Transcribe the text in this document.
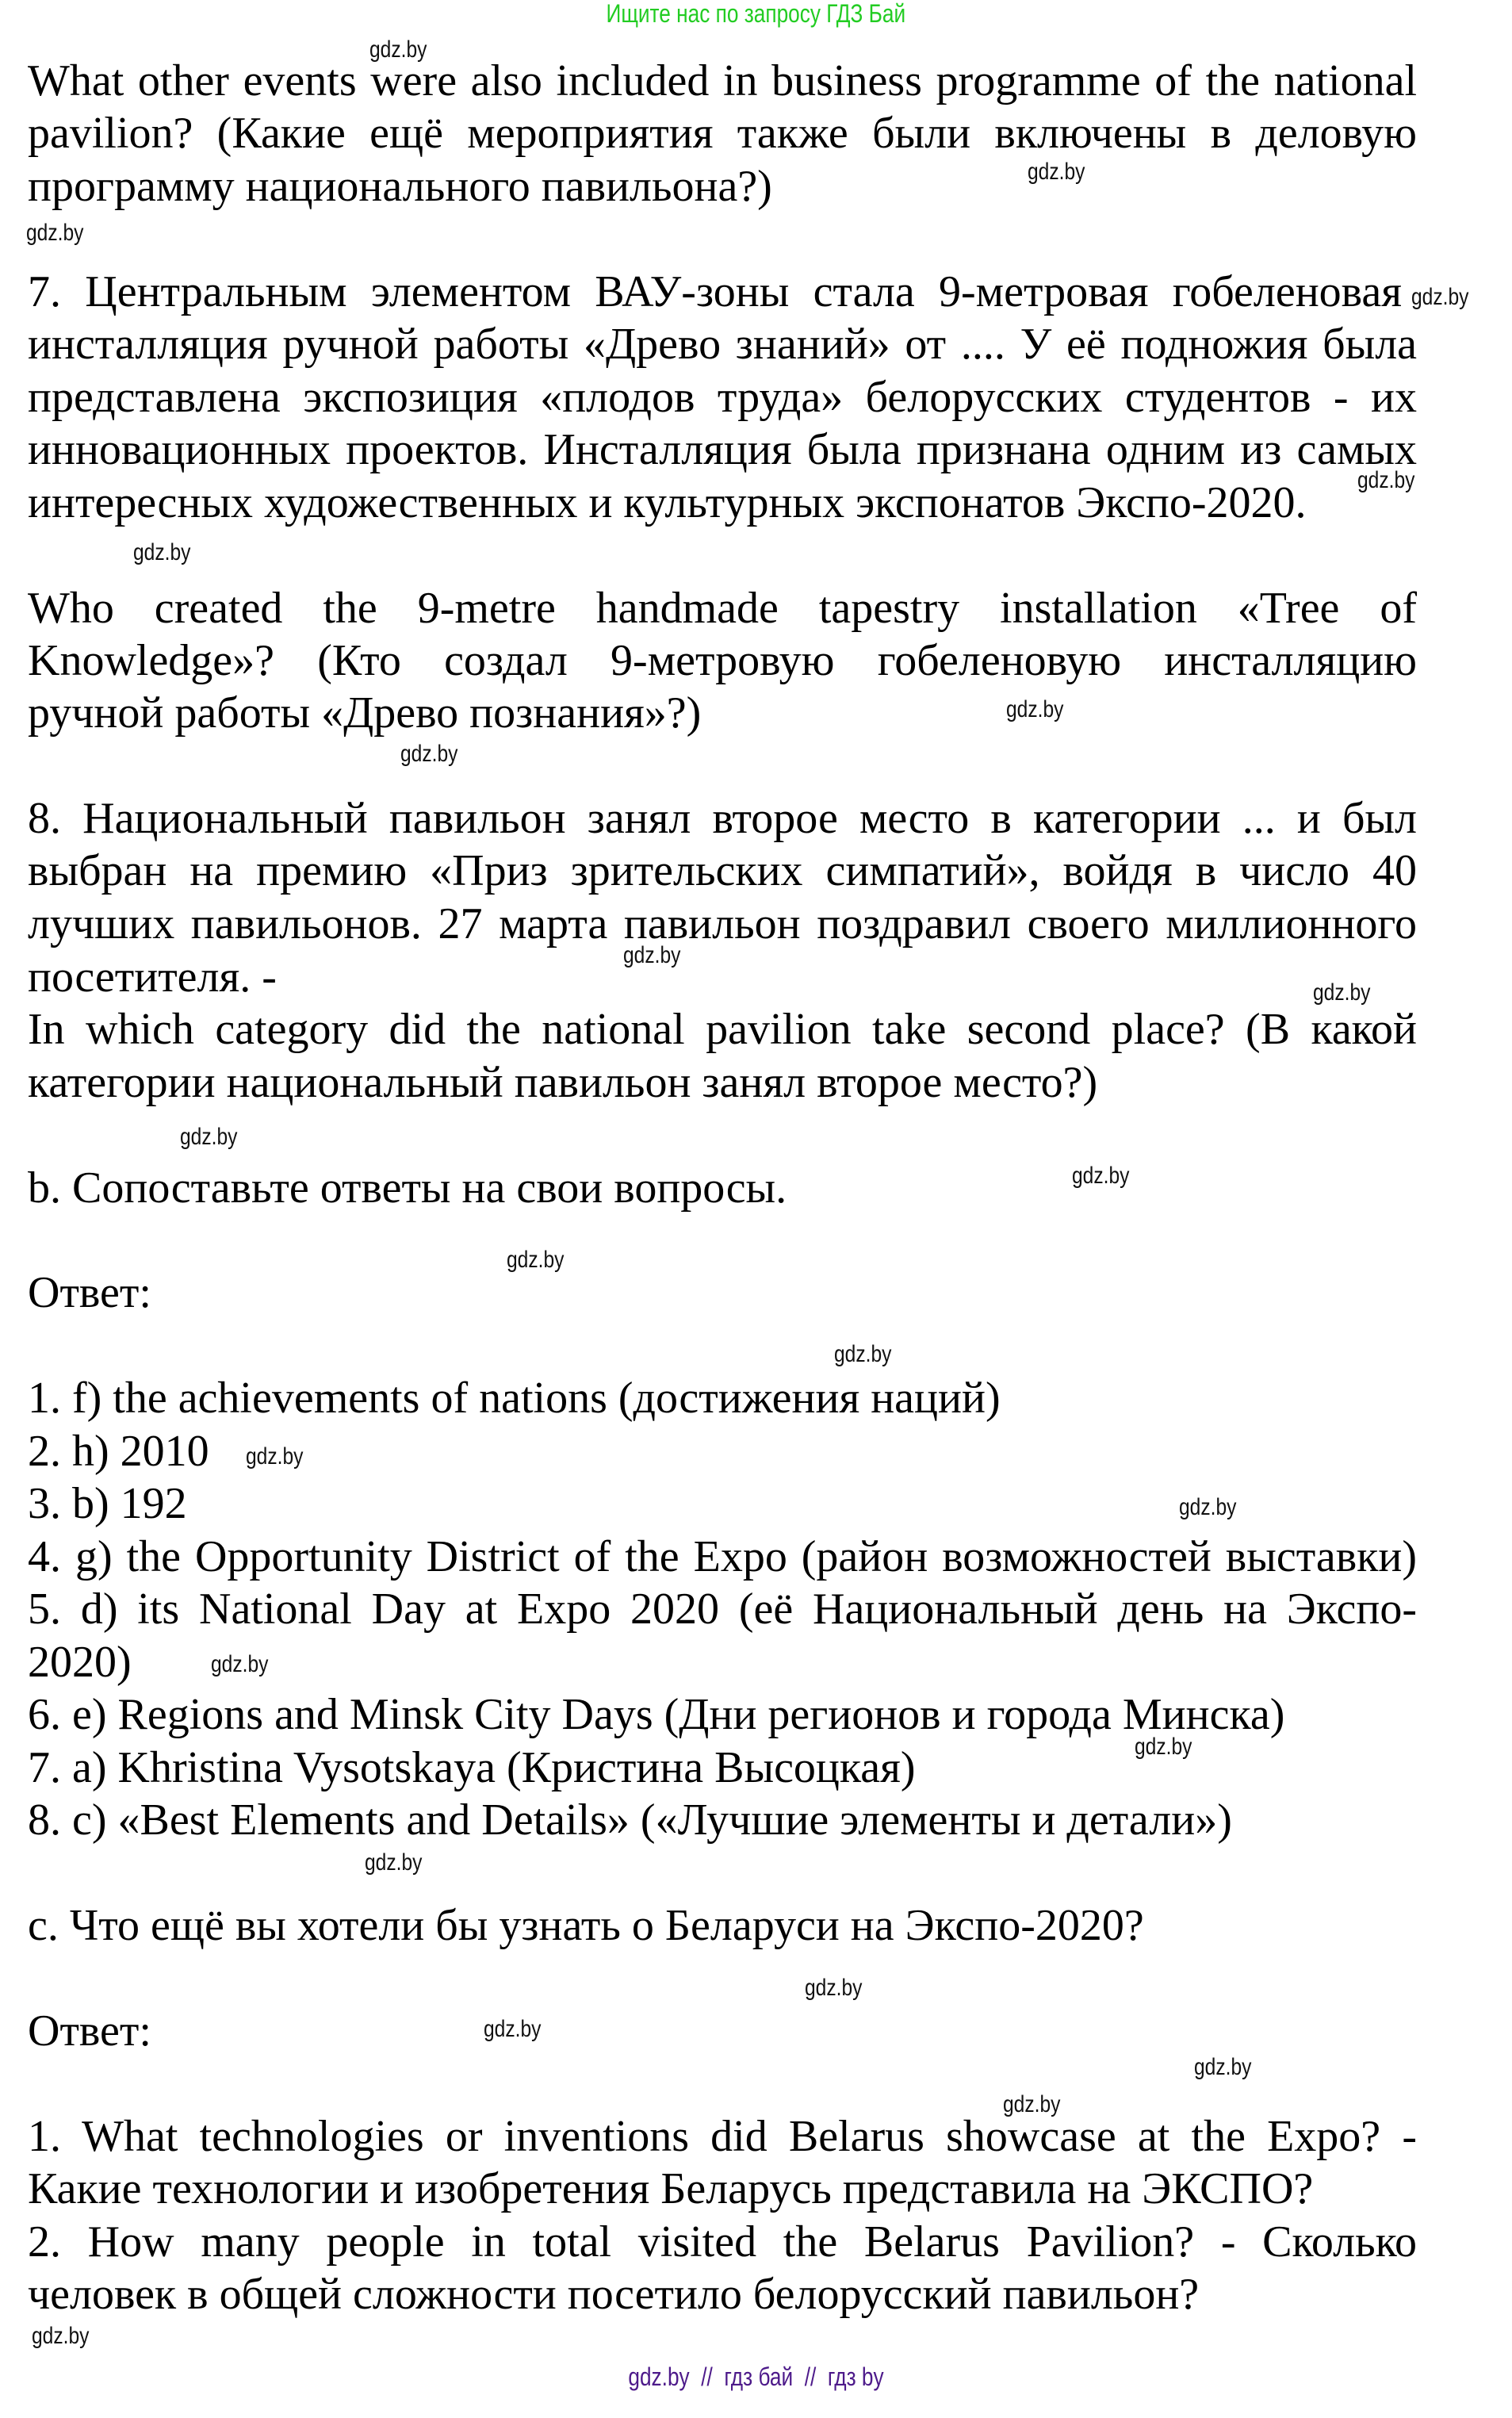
Ищите нас по запросу ГДЗ Бай
What other events were also included in business programme of the national
pavilion? (Какие ещё мероприятия также были включены в деловую
программу национального павильона?)
7. Центральным элементом ВАУ-зоны стала 9-метровая гобеленовая
инсталляция ручной работы «Древо знаний» от .... У её подножия была
представлена экспозиция «плодов труда» белорусских студентов - их
инновационных проектов. Инсталляция была признана одним из самых
интересных художественных и культурных экспонатов Экспо-2020.
Who created the 9-metre handmade tapestry installation «Tree of
Knowledge»? (Кто создал 9-метровую гобеленовую инсталляцию
ручной работы «Древо познания»?)
8. Национальный павильон занял второе место в категории ... и был
выбран на премию «Приз зрительских симпатий», войдя в число 40
лучших павильонов. 27 марта павильон поздравил своего миллионного
посетителя. -
In which category did the national pavilion take second place? (В какой
категории национальный павильон занял второе место?)
b. Сопоставьте ответы на свои вопросы.
Ответ:
1. f) the achievements of nations (достижения наций)
2. h) 2010
3. b) 192
4. g) the Opportunity District of the Expo (район возможностей выставки)
5. d) its National Day at Expo 2020 (её Национальный день на Экспо-
2020)
6. e) Regions and Minsk City Days (Дни регионов и города Минска)
7. a) Khristina Vysotskaya (Кристина Высоцкая)
8. c) «Best Elements and Details» («Лучшие элементы и детали»)
c. Что ещё вы хотели бы узнать о Беларуси на Экспо-2020?
Ответ:
1. What technologies or inventions did Belarus showcase at the Expo? -
Какие технологии и изобретения Беларусь представила на ЭКСПО?
2. How many people in total visited the Belarus Pavilion? - Сколько
человек в общей сложности посетило белорусский павильон?
gdz.by
gdz.by
gdz.by
gdz.by
gdz.by
gdz.by
gdz.by
gdz.by
gdz.by
gdz.by
gdz.by
gdz.by
gdz.by
gdz.by
gdz.by
gdz.by
gdz.by
gdz.by
gdz.by
gdz.by
gdz.by
gdz.by
gdz.by
gdz.by
gdz.by  //  гдз бай  //  гдз by
